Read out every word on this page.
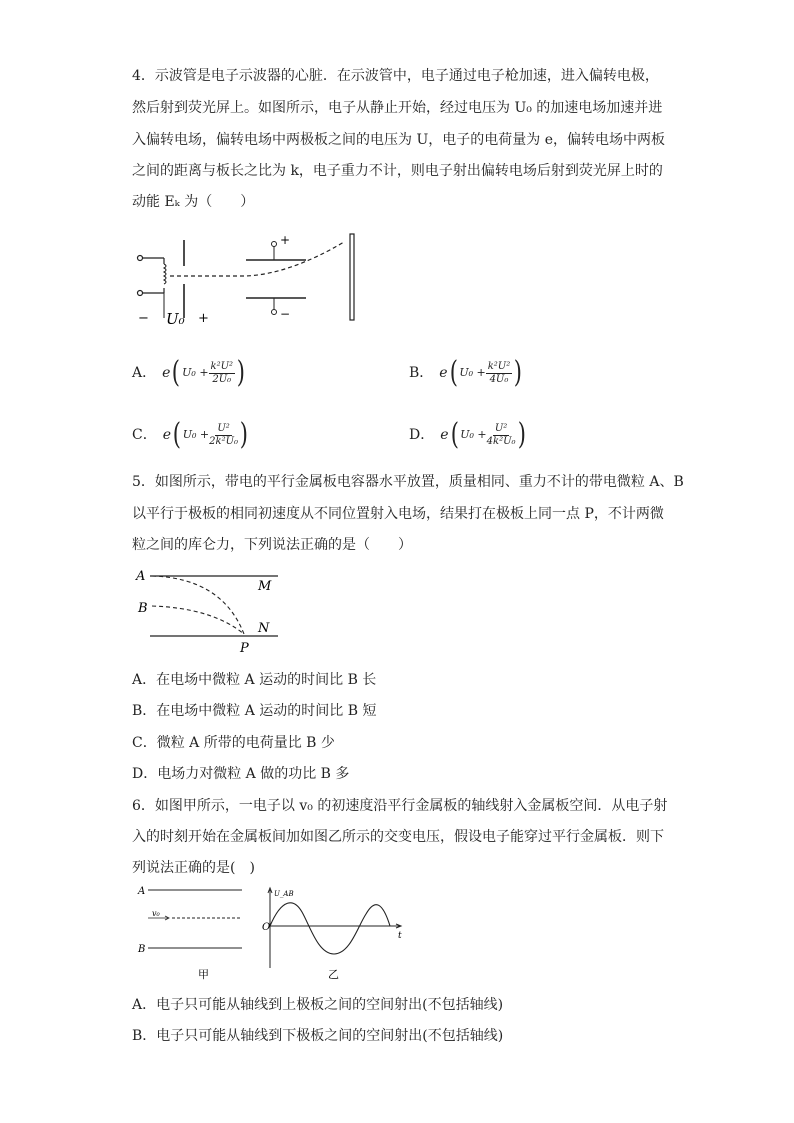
4．示波管是电子示波器的心脏．在示波管中，电子通过电子枪加速，进入偏转电极，
然后射到荧光屏上。如图所示，电子从静止开始，经过电压为 U₀ 的加速电场加速并进
入偏转电场，偏转电场中两极板之间的电压为 U，电子的电荷量为 e，偏转电场中两板
之间的距离与板长之比为 k，电子重力不计，则电子射出偏转电场后射到荧光屏上时的
动能 Eₖ 为（　　）
− U₀ +
+
−
A． e ( $U_0 + \frac{\text{k²U²}}{\text{2U₀}}$ )	B． e ( $U_0 + \frac{\text{k²U²}}{\text{4U₀}}$ )
C． e ( $U_0 + \frac{\text{U²}}{\text{2k²U₀}}$ )	D． e ( $U_0 + \frac{\text{U²}}{\text{4k²U₀}}$ )
5．如图所示，带电的平行金属板电容器水平放置，质量相同、重力不计的带电微粒 A、B
以平行于极板的相同初速度从不同位置射入电场，结果打在极板上同一点 P，不计两微
粒之间的库仑力，下列说法正确的是（　　）
A
M
B
N
P
A．在电场中微粒 A 运动的时间比 B 长
B．在电场中微粒 A 运动的时间比 B 短
C．微粒 A 所带的电荷量比 B 少
D．电场力对微粒 A 做的功比 B 多
6．如图甲所示，一电子以 v₀ 的初速度沿平行金属板的轴线射入金属板空间．从电子射
入的时刻开始在金属板间加如图乙所示的交变电压，假设电子能穿过平行金属板．则下
列说法正确的是(　)
A
v₀
B
甲
U_AB
O
t
乙
A．电子只可能从轴线到上极板之间的空间射出(不包括轴线)
B．电子只可能从轴线到下极板之间的空间射出(不包括轴线)
